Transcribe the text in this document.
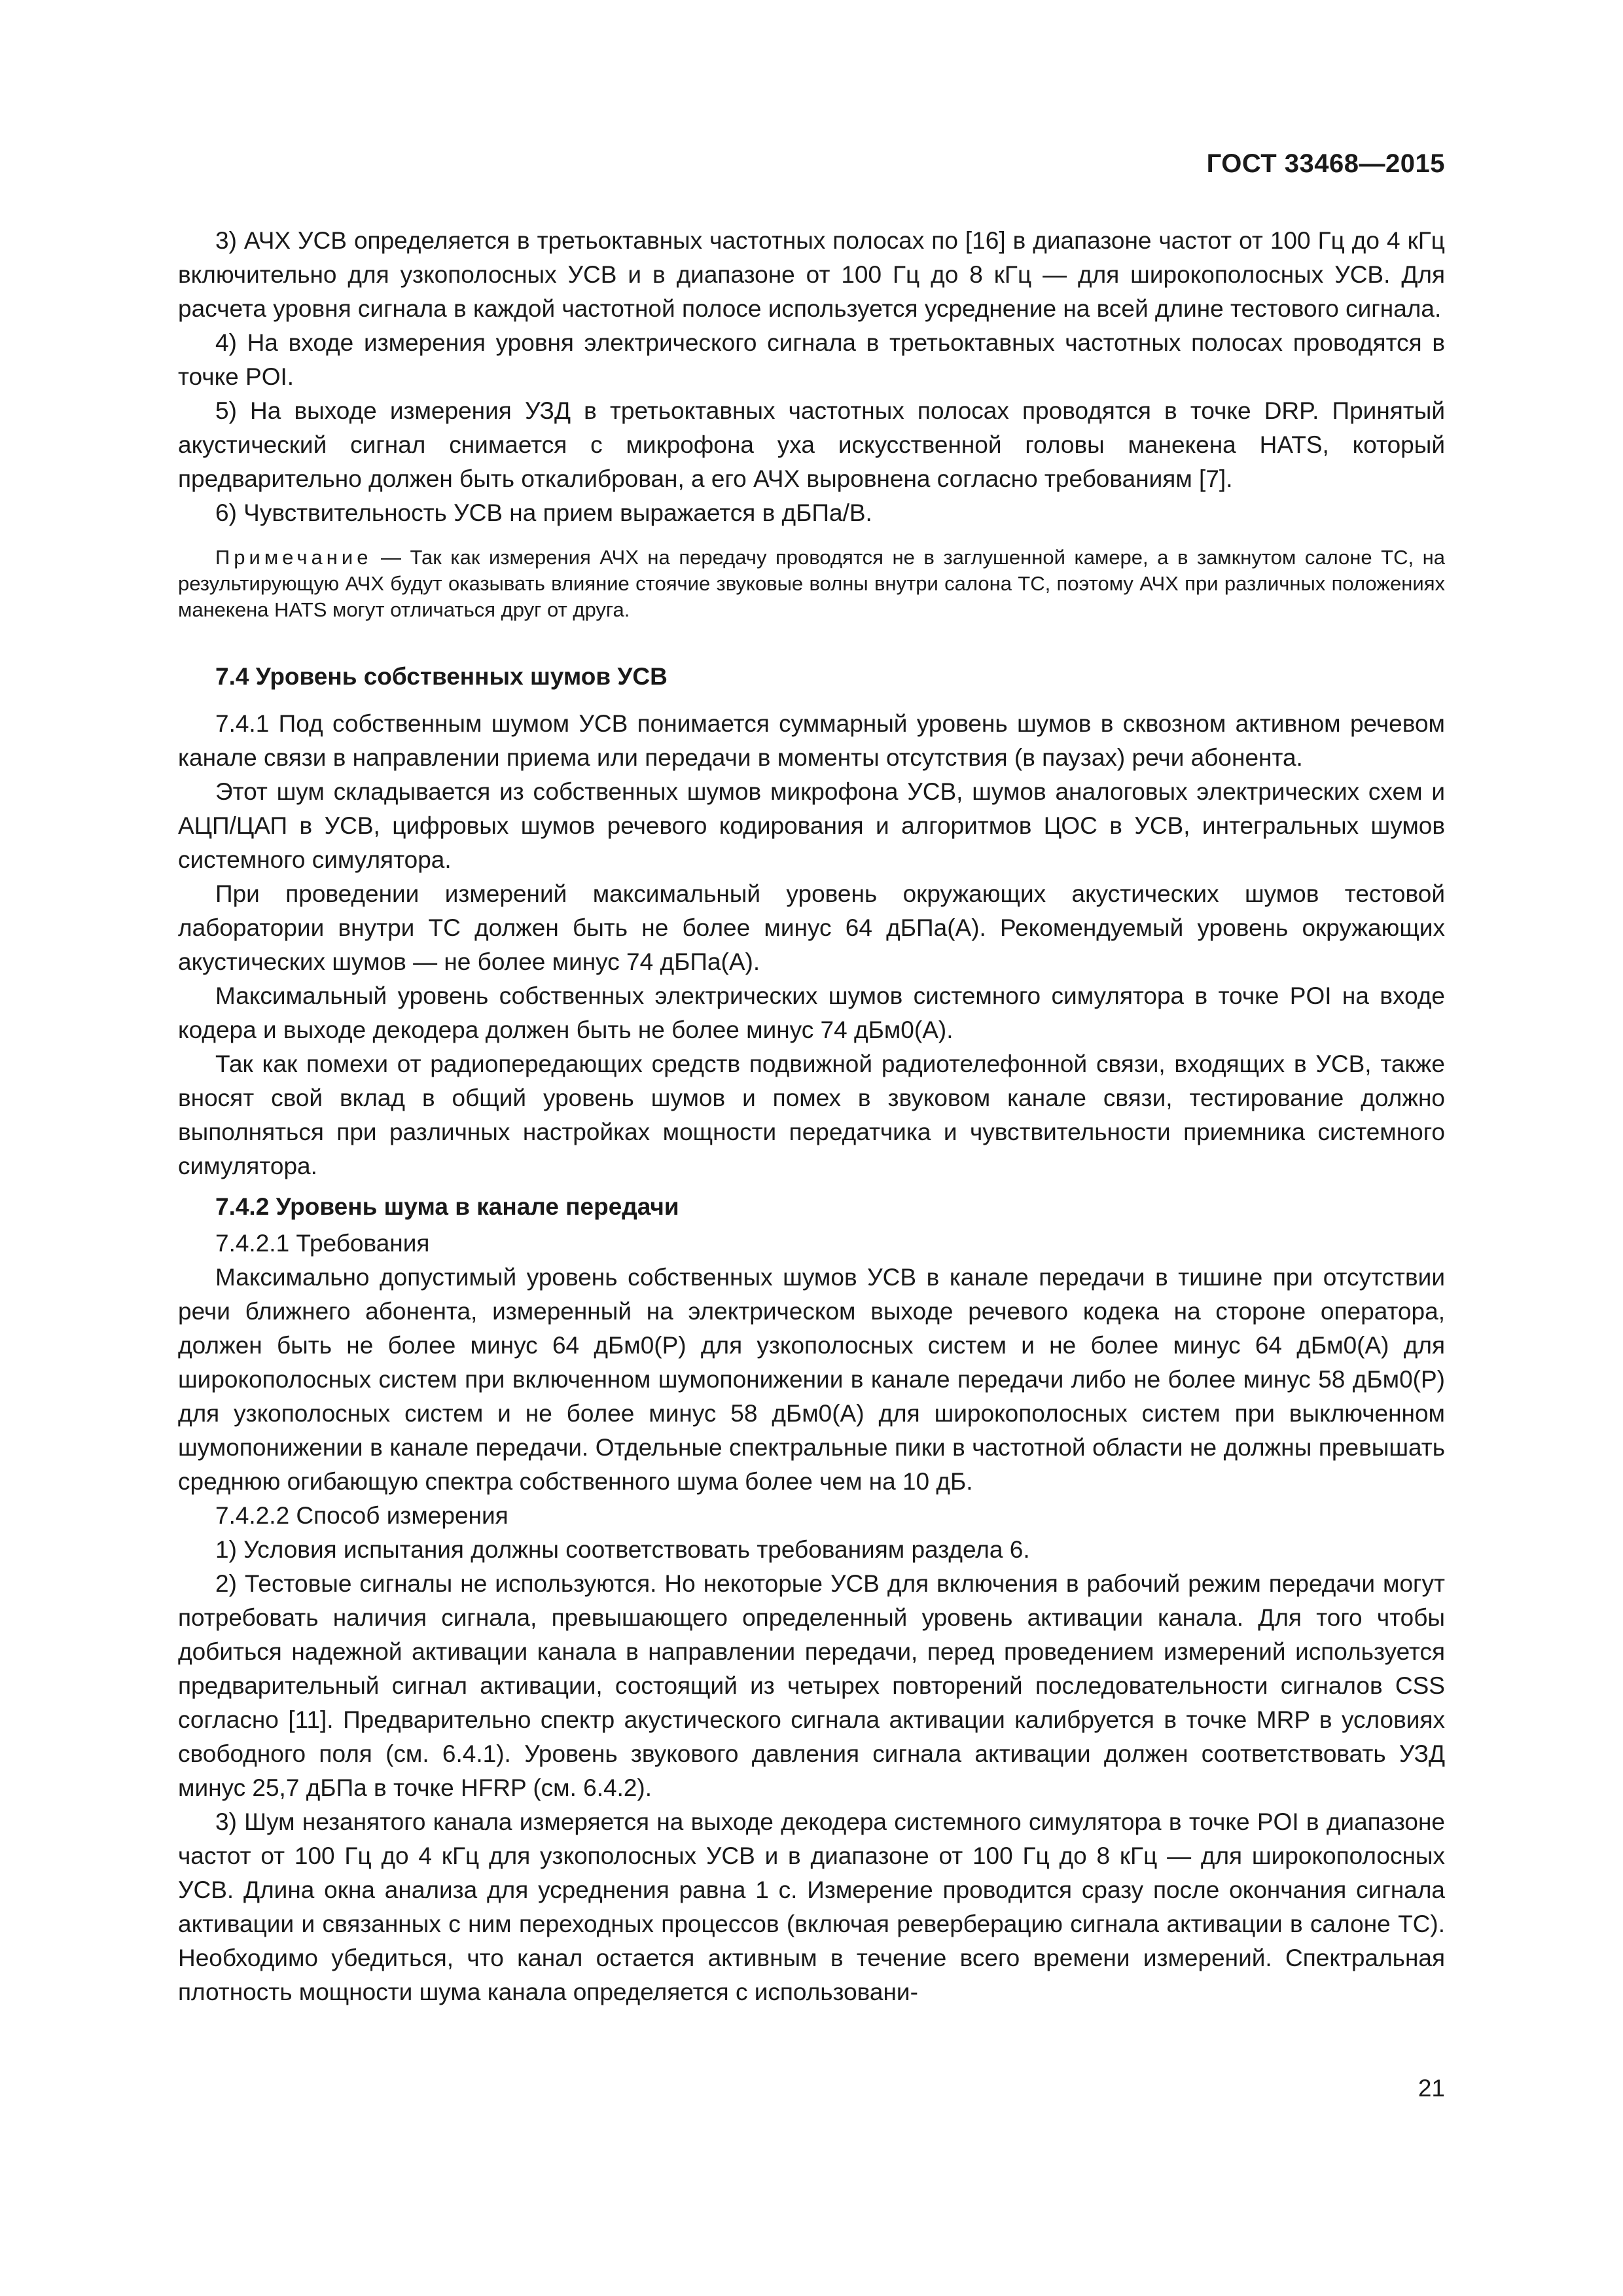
ГОСТ 33468—2015

3) АЧХ УСВ определяется в третьоктавных частотных полосах по [16] в диапазоне частот от 100 Гц до 4 кГц включительно для узкополосных УСВ и в диапазоне от 100 Гц до 8 кГц — для широкополосных УСВ. Для расчета уровня сигнала в каждой частотной полосе используется усреднение на всей длине тестового сигнала.

4) На входе измерения уровня электрического сигнала в третьоктавных частотных полосах проводятся в точке POI.

5) На выходе измерения УЗД в третьоктавных частотных полосах проводятся в точке DRP. Принятый акустический сигнал снимается с микрофона уха искусственной головы манекена HATS, который предварительно должен быть откалиброван, а его АЧХ выровнена согласно требованиям [7].

6) Чувствительность УСВ на прием выражается в дБПа/В.

Примечание — Так как измерения АЧХ на передачу проводятся не в заглушенной камере, а в замкнутом салоне ТС, на результирующую АЧХ будут оказывать влияние стоячие звуковые волны внутри салона ТС, поэтому АЧХ при различных положениях манекена HATS могут отличаться друг от друга.

7.4 Уровень собственных шумов УСВ

7.4.1 Под собственным шумом УСВ понимается суммарный уровень шумов в сквозном активном речевом канале связи в направлении приема или передачи в моменты отсутствия (в паузах) речи абонента.

Этот шум складывается из собственных шумов микрофона УСВ, шумов аналоговых электрических схем и АЦП/ЦАП в УСВ, цифровых шумов речевого кодирования и алгоритмов ЦОС в УСВ, интегральных шумов системного симулятора.

При проведении измерений максимальный уровень окружающих акустических шумов тестовой лаборатории внутри ТС должен быть не более минус 64 дБПа(А). Рекомендуемый уровень окружающих акустических шумов — не более минус 74 дБПа(А).

Максимальный уровень собственных электрических шумов системного симулятора в точке POI на входе кодера и выходе декодера должен быть не более минус 74 дБм0(А).

Так как помехи от радиопередающих средств подвижной радиотелефонной связи, входящих в УСВ, также вносят свой вклад в общий уровень шумов и помех в звуковом канале связи, тестирование должно выполняться при различных настройках мощности передатчика и чувствительности приемника системного симулятора.

7.4.2 Уровень шума в канале передачи

7.4.2.1 Требования

Максимально допустимый уровень собственных шумов УСВ в канале передачи в тишине при отсутствии речи ближнего абонента, измеренный на электрическом выходе речевого кодека на стороне оператора, должен быть не более минус 64 дБм0(Р) для узкополосных систем и не более минус 64 дБм0(А) для широкополосных систем при включенном шумопонижении в канале передачи либо не более минус 58 дБм0(Р) для узкополосных систем и не более минус 58 дБм0(А) для широкополосных систем при выключенном шумопонижении в канале передачи. Отдельные спектральные пики в частотной области не должны превышать среднюю огибающую спектра собственного шума более чем на 10 дБ.

7.4.2.2 Способ измерения

1) Условия испытания должны соответствовать требованиям раздела 6.

2) Тестовые сигналы не используются. Но некоторые УСВ для включения в рабочий режим передачи могут потребовать наличия сигнала, превышающего определенный уровень активации канала. Для того чтобы добиться надежной активации канала в направлении передачи, перед проведением измерений используется предварительный сигнал активации, состоящий из четырех повторений последовательности сигналов CSS согласно [11]. Предварительно спектр акустического сигнала активации калибруется в точке MRP в условиях свободного поля (см. 6.4.1). Уровень звукового давления сигнала активации должен соответствовать УЗД минус 25,7 дБПа в точке HFRP (см. 6.4.2).

3) Шум незанятого канала измеряется на выходе декодера системного симулятора в точке POI в диапазоне частот от 100 Гц до 4 кГц для узкополосных УСВ и в диапазоне от 100 Гц до 8 кГц — для широкополосных УСВ. Длина окна анализа для усреднения равна 1 с. Измерение проводится сразу после окончания сигнала активации и связанных с ним переходных процессов (включая реверберацию сигнала активации в салоне ТС). Необходимо убедиться, что канал остается активным в течение всего времени измерений. Спектральная плотность мощности шума канала определяется с использовани-

21
